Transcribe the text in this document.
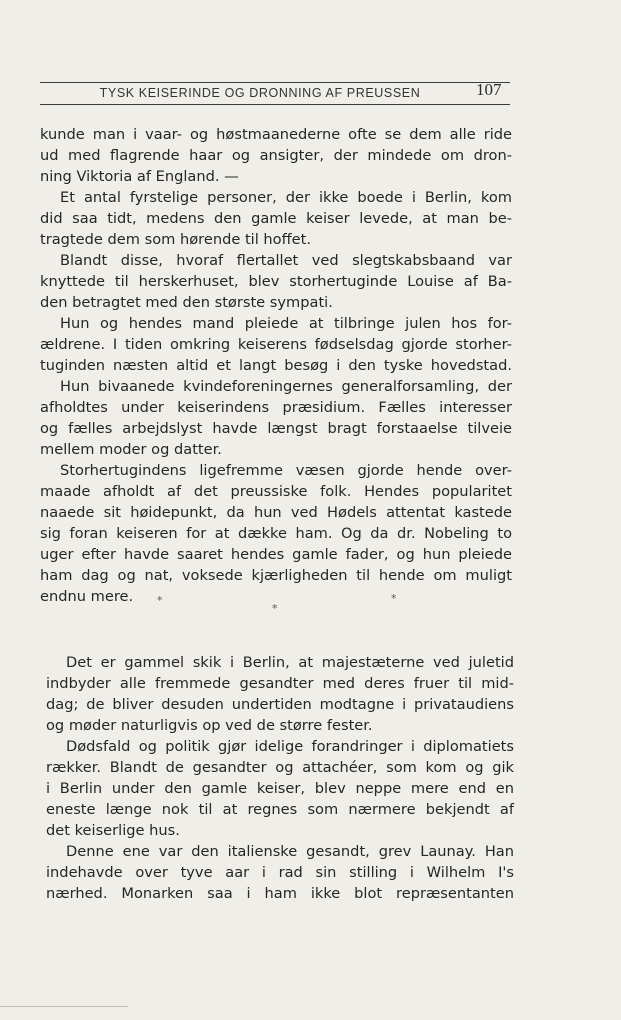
TYSK KEISERINDE OG DRONNING AF PREUSSEN	107
kunde man i vaar- og høstmaanederne ofte se dem alle ride
ud med flagrende haar og ansigter, der mindede om dron-
ning Viktoria af England. —
Et antal fyrstelige personer, der ikke boede i Berlin, kom
did saa tidt, medens den gamle keiser levede, at man be-
tragtede dem som hørende til hoffet.
Blandt disse, hvoraf flertallet ved slegtskabsbaand var
knyttede til herskerhuset, blev storhertuginde Louise af Ba-
den betragtet med den største sympati.
Hun og hendes mand pleiede at tilbringe julen hos for-
ældrene. I tiden omkring keiserens fødselsdag gjorde storher-
tuginden næsten altid et langt besøg i den tyske hovedstad.
Hun bivaanede kvindeforeningernes generalforsamling, der
afholdtes under keiserindens præsidium. Fælles interesser
og fælles arbejdslyst havde længst bragt forstaaelse tilveie
mellem moder og datter.
Storhertugindens ligefremme væsen gjorde hende over-
maade afholdt af det preussiske folk. Hendes popularitet
naaede sit høidepunkt, da hun ved Hødels attentat kastede
sig foran keiseren for at dække ham. Og da dr. Nobeling to
uger efter havde saaret hendes gamle fader, og hun pleiede
ham dag og nat, voksede kjærligheden til hende om muligt
endnu mere.	*
*
*
Det er gammel skik i Berlin, at majestæterne ved juletid
indbyder alle fremmede gesandter med deres fruer til mid-
dag; de bliver desuden undertiden modtagne i privataudiens
og møder naturligvis op ved de større fester.
Dødsfald og politik gjør idelige forandringer i diplomatiets
rækker. Blandt de gesandter og attachéer, som kom og gik
i Berlin under den gamle keiser, blev neppe mere end en
eneste længe nok til at regnes som nærmere bekjendt af
det keiserlige hus.
Denne ene var den italienske gesandt, grev Launay. Han
indehavde over tyve aar i rad sin stilling i Wilhelm I's
nærhed. Monarken saa i ham ikke blot repræsentanten
